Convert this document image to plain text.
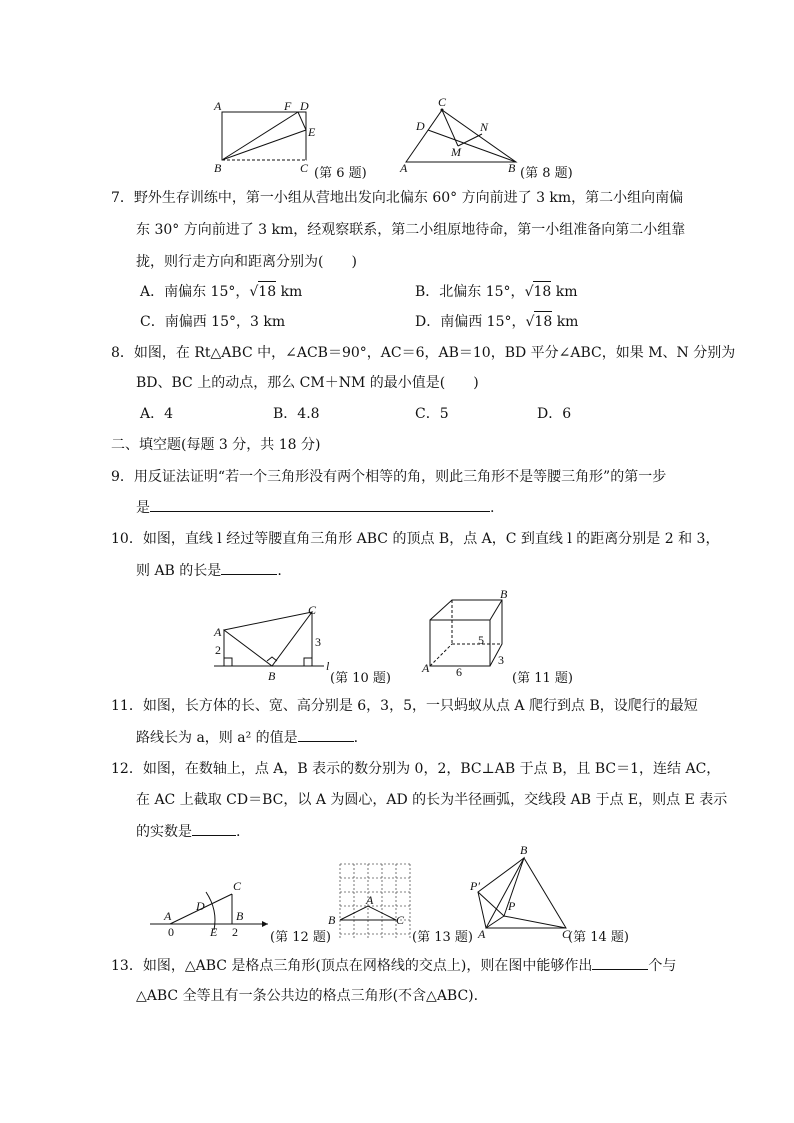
A	F D
E
B	C (第 6 题)
C
D	N
M
A	B (第 8 题)
7．野外生存训练中，第一小组从营地出发向北偏东 60° 方向前进了 3 km，第二小组向南偏
东 30° 方向前进了 3 km，经观察联系，第二小组原地待命，第一小组准备向第二小组靠
拢，则行走方向和距离分别为(　　)
A．南偏东 15°，√
18 km	B．北偏东 15°，√
18 km
C．南偏西 15°，3 km	D．南偏西 15°，√
18 km
8．如图，在 Rt△ABC 中，∠ACB＝90°，AC＝6，AB＝10，BD 平分∠ABC，如果 M、N 分别为
BD、BC 上的动点，那么 CM＋NM 的最小值是(　　)
A．4	B．4.8	C．5	D．6
二、填空题(每题 3 分，共 18 分)
9．用反证法证明“若一个三角形没有两个相等的角，则此三角形不是等腰三角形”的第一步
是	.
10．如图，直线 l 经过等腰直角三角形 ABC 的顶点 B，点 A，C 到直线 l 的距离分别是 2 和 3，
则 AB 的长是	.
A
C
B
l
2
3
(第 10 题)
B
A
5
6
3
(第 11 题)
11．如图，长方体的长、宽、高分别是 6，3，5，一只蚂蚁从点 A 爬行到点 B，设爬行的最短
路线长为 a，则 a² 的值是	.
12．如图，在数轴上，点 A，B 表示的数分别为 0，2，BC⊥AB 于点 B，且 BC＝1，连结 AC，
在 AC 上截取 CD＝BC，以 A 为圆心，AD 的长为半径画弧，交线段 AB 于点 E，则点 E 表示
的实数是	.
A
D
C
E
B
0	2 (第 12 题)
A
B	C
(第 13 题)
B
P′
P
A	C
(第 14 题)
13．如图，△ABC 是格点三角形(顶点在网格线的交点上)，则在图中能够作出	个与
△ABC 全等且有一条公共边的格点三角形(不含△ABC).
